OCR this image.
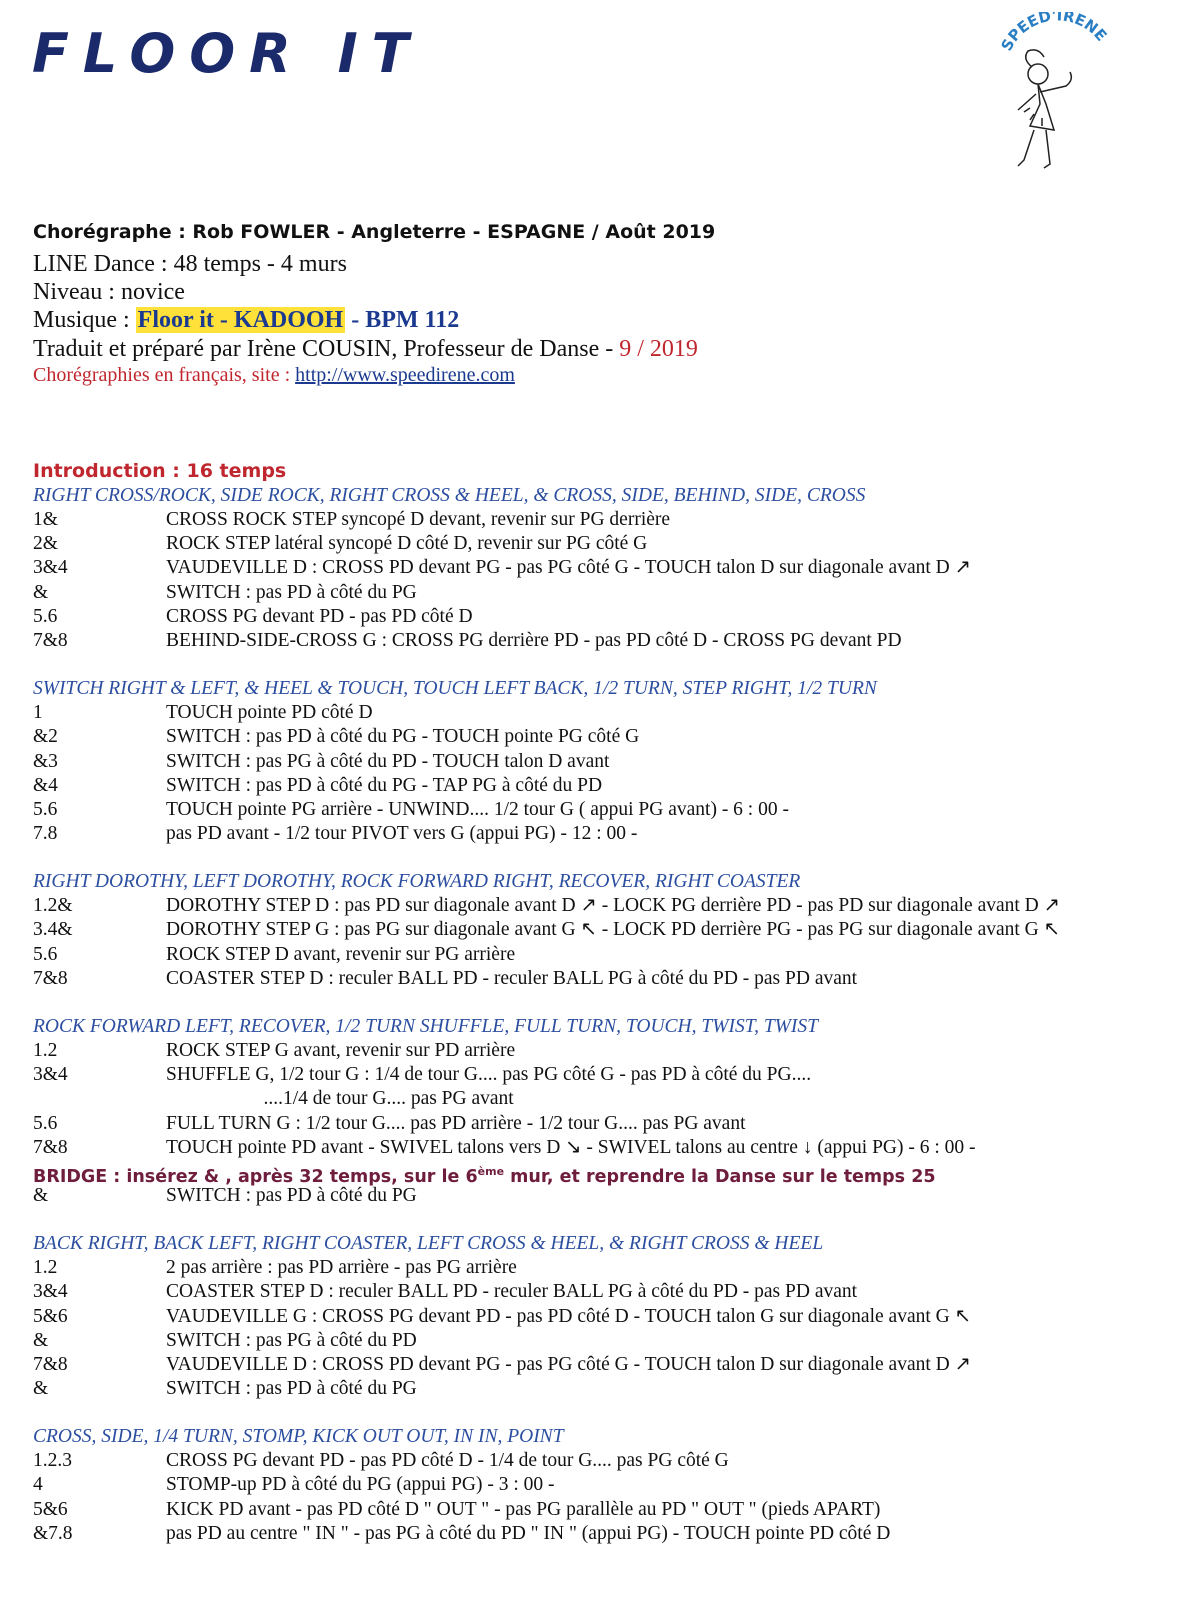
FLOOR IT	SPEED'IRENE
Chorégraphe : Rob FOWLER - Angleterre - ESPAGNE / Août 2019
LINE Dance : 48 temps - 4 murs
Niveau : novice
Musique : Floor it - KADOOH - BPM 112
Traduit et préparé par Irène COUSIN, Professeur de Danse - 9 / 2019
Chorégraphies en français, site : http://www.speedirene.com
Introduction : 16 temps
RIGHT CROSS/ROCK, SIDE ROCK, RIGHT CROSS & HEEL, & CROSS, SIDE, BEHIND, SIDE, CROSS
1&	CROSS ROCK STEP syncopé D devant, revenir sur PG derrière
2&	ROCK STEP latéral syncopé D côté D, revenir sur PG côté G
3&4	VAUDEVILLE D : CROSS PD devant PG - pas PG côté G - TOUCH talon D sur diagonale avant D ↗
&	SWITCH : pas PD à côté du PG
5.6	CROSS PG devant PD - pas PD côté D
7&8	BEHIND-SIDE-CROSS G : CROSS PG derrière PD - pas PD côté D - CROSS PG devant PD
SWITCH RIGHT & LEFT, & HEEL & TOUCH, TOUCH LEFT BACK, 1/2 TURN, STEP RIGHT, 1/2 TURN
1	TOUCH pointe PD côté D
&2	SWITCH : pas PD à côté du PG - TOUCH pointe PG côté G
&3	SWITCH : pas PG à côté du PD - TOUCH talon D avant
&4	SWITCH : pas PD à côté du PG - TAP PG à côté du PD
5.6	TOUCH pointe PG arrière - UNWIND.... 1/2 tour G ( appui PG avant) - 6 : 00 -
7.8	pas PD avant - 1/2 tour PIVOT vers G (appui PG) - 12 : 00 -
RIGHT DOROTHY, LEFT DOROTHY, ROCK FORWARD RIGHT, RECOVER, RIGHT COASTER
1.2&	DOROTHY STEP D : pas PD sur diagonale avant D ↗ - LOCK PG derrière PD - pas PD sur diagonale avant D ↗
3.4&	DOROTHY STEP G : pas PG sur diagonale avant G ↖ - LOCK PD derrière PG - pas PG sur diagonale avant G ↖
5.6	ROCK STEP D avant, revenir sur PG arrière
7&8	COASTER STEP D : reculer BALL PD - reculer BALL PG à côté du PD - pas PD avant
ROCK FORWARD LEFT, RECOVER, 1/2 TURN SHUFFLE, FULL TURN, TOUCH, TWIST, TWIST
1.2	ROCK STEP G avant, revenir sur PD arrière
3&4	SHUFFLE G, 1/2 tour G : 1/4 de tour G.... pas PG côté G - pas PD à côté du PG....
....1/4 de tour G.... pas PG avant
5.6	FULL TURN G : 1/2 tour G.... pas PD arrière - 1/2 tour G.... pas PG avant
7&8	TOUCH pointe PD avant - SWIVEL talons vers D ↘ - SWIVEL talons au centre ↓ (appui PG) - 6 : 00 -
BRIDGE : insérez & , après 32 temps, sur le 6ème mur, et reprendre la Danse sur le temps 25
&	SWITCH : pas PD à côté du PG
BACK RIGHT, BACK LEFT, RIGHT COASTER, LEFT CROSS & HEEL, & RIGHT CROSS & HEEL
1.2	2 pas arrière : pas PD arrière - pas PG arrière
3&4	COASTER STEP D : reculer BALL PD - reculer BALL PG à côté du PD - pas PD avant
5&6	VAUDEVILLE G : CROSS PG devant PD - pas PD côté D - TOUCH talon G sur diagonale avant G ↖
&	SWITCH : pas PG à côté du PD
7&8	VAUDEVILLE D : CROSS PD devant PG - pas PG côté G - TOUCH talon D sur diagonale avant D ↗
&	SWITCH : pas PD à côté du PG
CROSS, SIDE, 1/4 TURN, STOMP, KICK OUT OUT, IN IN, POINT
1.2.3	CROSS PG devant PD - pas PD côté D - 1/4 de tour G.... pas PG côté G
4	STOMP-up PD à côté du PG (appui PG) - 3 : 00 -
5&6	KICK PD avant - pas PD côté D " OUT " - pas PG parallèle au PD " OUT " (pieds APART)
&7.8	pas PD au centre " IN " - pas PG à côté du PD " IN " (appui PG) - TOUCH pointe PD côté D
